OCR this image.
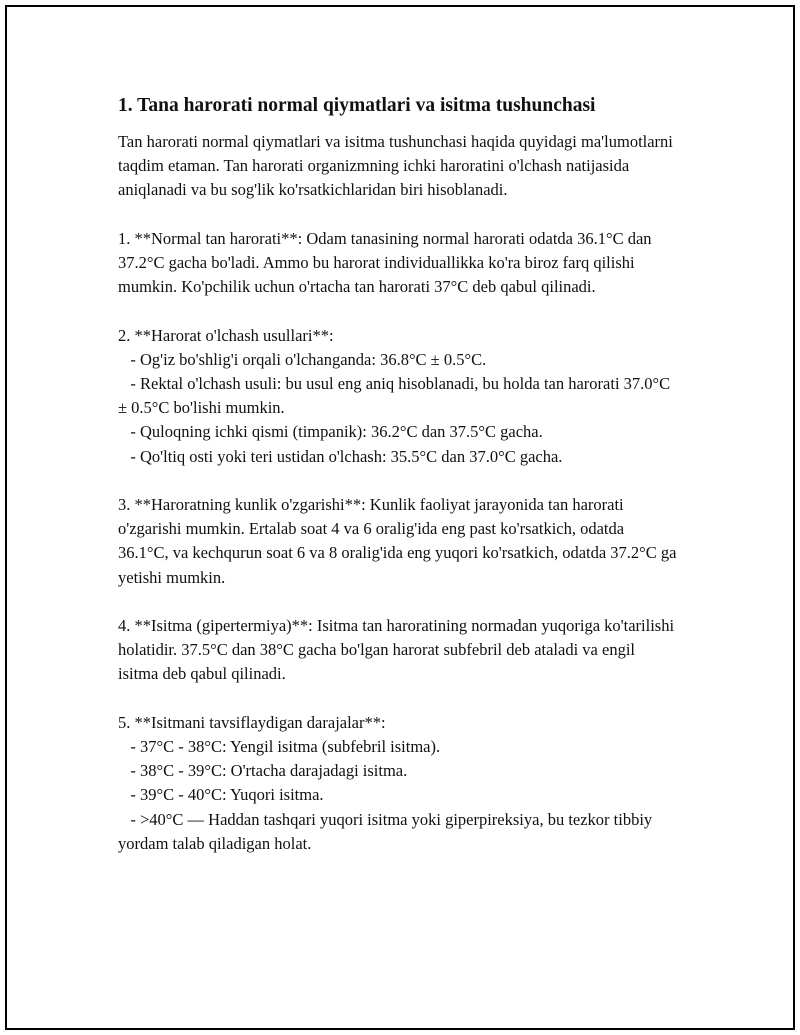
1. Tana harorati normal qiymatlari va isitma tushunchasi

Tan harorati normal qiymatlari va isitma tushunchasi haqida quyidagi ma'lumotlarni taqdim etaman. Tan harorati organizmning ichki haroratini o'lchash natijasida aniqlanadi va bu sog'lik ko'rsatkichlaridan biri hisoblanadi.

1. **Normal tan harorati**: Odam tanasining normal harorati odatda 36.1°C dan 37.2°C gacha bo'ladi. Ammo bu harorat individuallikka ko'ra biroz farq qilishi mumkin. Ko'pchilik uchun o'rtacha tan harorati 37°C deb qabul qilinadi.

2. **Harorat o'lchash usullari**:
- Og'iz bo'shlig'i orqali o'lchanganda: 36.8°C ± 0.5°C.
- Rektal o'lchash usuli: bu usul eng aniq hisoblanadi, bu holda tan harorati 37.0°C ± 0.5°C bo'lishi mumkin.
- Quloqning ichki qismi (timpanik): 36.2°C dan 37.5°C gacha.
- Qo'ltiq osti yoki teri ustidan o'lchash: 35.5°C dan 37.0°C gacha.

3. **Haroratning kunlik o'zgarishi**: Kunlik faoliyat jarayonida tan harorati o'zgarishi mumkin. Ertalab soat 4 va 6 oralig'ida eng past ko'rsatkich, odatda 36.1°C, va kechqurun soat 6 va 8 oralig'ida eng yuqori ko'rsatkich, odatda 37.2°C ga yetishi mumkin.

4. **Isitma (gipertermiya)**: Isitma tan haroratining normadan yuqoriga ko'tarilishi holatidir. 37.5°C dan 38°C gacha bo'lgan harorat subfebril deb ataladi va engil isitma deb qabul qilinadi.

5. **Isitmani tavsiflaydigan darajalar**:
- 37°C - 38°C: Yengil isitma (subfebril isitma).
- 38°C - 39°C: O'rtacha darajadagi isitma.
- 39°C - 40°C: Yuqori isitma.
- >40°C — Haddan tashqari yuqori isitma yoki giperpireksiya, bu tezkor tibbiy yordam talab qiladigan holat.
